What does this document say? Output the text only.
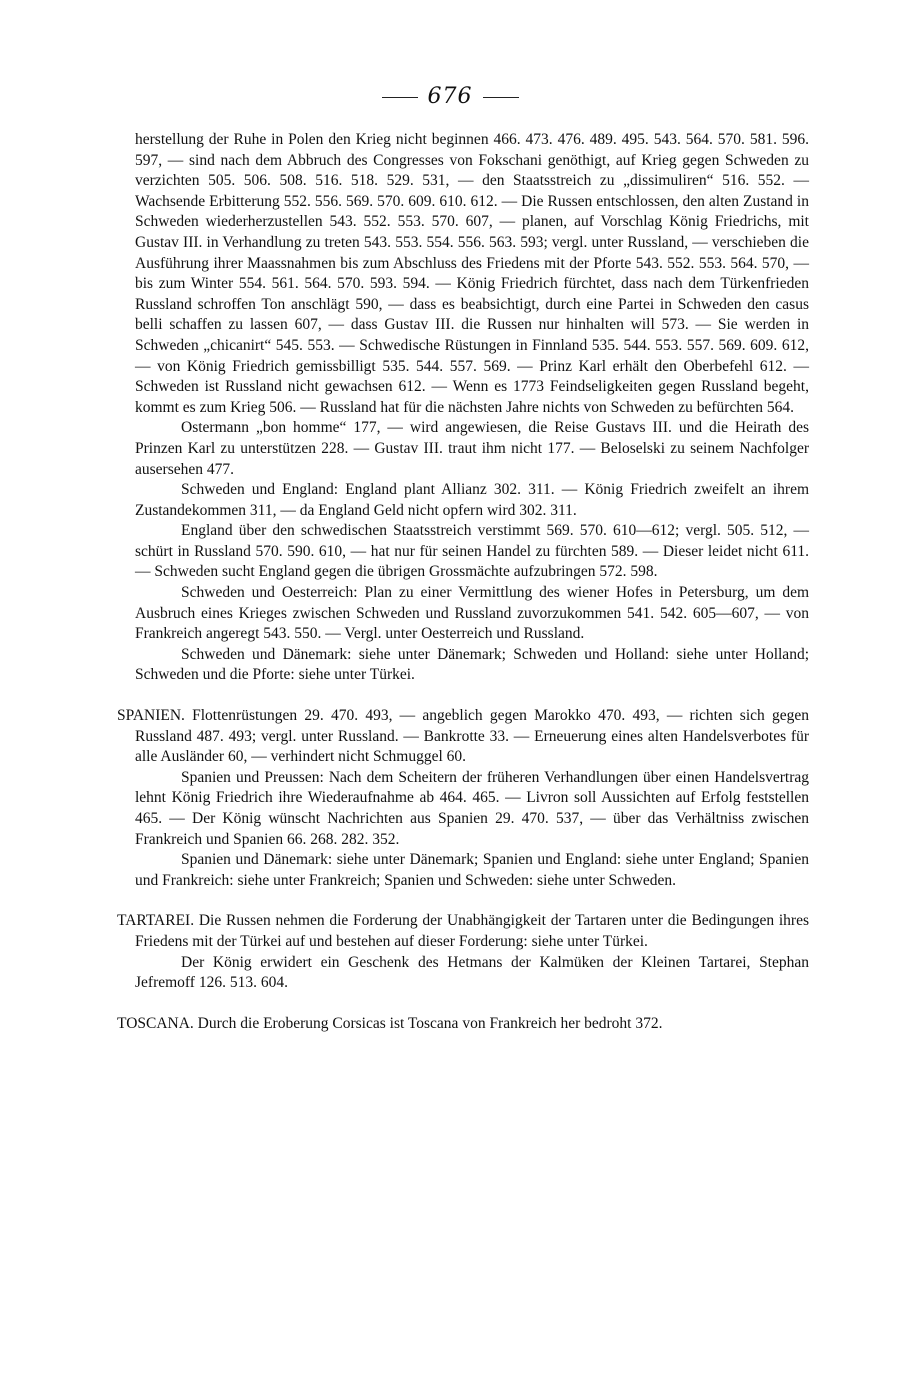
676

herstellung der Ruhe in Polen den Krieg nicht beginnen 466. 473. 476. 489. 495. 543. 564. 570. 581. 596. 597, — sind nach dem Abbruch des Congresses von Fokschani genöthigt, auf Krieg gegen Schweden zu verzichten 505. 506. 508. 516. 518. 529. 531, — den Staatsstreich zu „dissimuliren“ 516. 552. — Wachsende Erbitterung 552. 556. 569. 570. 609. 610. 612. — Die Russen entschlossen, den alten Zustand in Schweden wiederherzustellen 543. 552. 553. 570. 607, — planen, auf Vorschlag König Friedrichs, mit Gustav III. in Verhandlung zu treten 543. 553. 554. 556. 563. 593; vergl. unter Russland, — verschieben die Ausführung ihrer Maassnahmen bis zum Abschluss des Friedens mit der Pforte 543. 552. 553. 564. 570, — bis zum Winter 554. 561. 564. 570. 593. 594. — König Friedrich fürchtet, dass nach dem Türkenfrieden Russland schroffen Ton anschlägt 590, — dass es beabsichtigt, durch eine Partei in Schweden den casus belli schaffen zu lassen 607, — dass Gustav III. die Russen nur hinhalten will 573. — Sie werden in Schweden „chicanirt“ 545. 553. — Schwedische Rüstungen in Finnland 535. 544. 553. 557. 569. 609. 612, — von König Friedrich gemissbilligt 535. 544. 557. 569. — Prinz Karl erhält den Oberbefehl 612. — Schweden ist Russland nicht gewachsen 612. — Wenn es 1773 Feindseligkeiten gegen Russland begeht, kommt es zum Krieg 506. — Russland hat für die nächsten Jahre nichts von Schweden zu befürchten 564.

Ostermann „bon homme“ 177, — wird angewiesen, die Reise Gustavs III. und die Heirath des Prinzen Karl zu unterstützen 228. — Gustav III. traut ihm nicht 177. — Beloselski zu seinem Nachfolger ausersehen 477.

Schweden und England: England plant Allianz 302. 311. — König Friedrich zweifelt an ihrem Zustandekommen 311, — da England Geld nicht opfern wird 302. 311.

England über den schwedischen Staatsstreich verstimmt 569. 570. 610—612; vergl. 505. 512, — schürt in Russland 570. 590. 610, — hat nur für seinen Handel zu fürchten 589. — Dieser leidet nicht 611. — Schweden sucht England gegen die übrigen Grossmächte aufzubringen 572. 598.

Schweden und Oesterreich: Plan zu einer Vermittlung des wiener Hofes in Petersburg, um dem Ausbruch eines Krieges zwischen Schweden und Russland zuvorzukommen 541. 542. 605—607, — von Frankreich angeregt 543. 550. — Vergl. unter Oesterreich und Russland.

Schweden und Dänemark: siehe unter Dänemark; Schweden und Holland: siehe unter Holland; Schweden und die Pforte: siehe unter Türkei.

SPANIEN. Flottenrüstungen 29. 470. 493, — angeblich gegen Marokko 470. 493, — richten sich gegen Russland 487. 493; vergl. unter Russland. — Bankrotte 33. — Erneuerung eines alten Handelsverbotes für alle Ausländer 60, — verhindert nicht Schmuggel 60.

Spanien und Preussen: Nach dem Scheitern der früheren Verhandlungen über einen Handelsvertrag lehnt König Friedrich ihre Wiederaufnahme ab 464. 465. — Livron soll Aussichten auf Erfolg feststellen 465. — Der König wünscht Nachrichten aus Spanien 29. 470. 537, — über das Verhältniss zwischen Frankreich und Spanien 66. 268. 282. 352.

Spanien und Dänemark: siehe unter Dänemark; Spanien und England: siehe unter England; Spanien und Frankreich: siehe unter Frankreich; Spanien und Schweden: siehe unter Schweden.

TARTAREI. Die Russen nehmen die Forderung der Unabhängigkeit der Tartaren unter die Bedingungen ihres Friedens mit der Türkei auf und bestehen auf dieser Forderung: siehe unter Türkei.

Der König erwidert ein Geschenk des Hetmans der Kalmüken der Kleinen Tartarei, Stephan Jefremoff 126. 513. 604.

TOSCANA. Durch die Eroberung Corsicas ist Toscana von Frankreich her bedroht 372.
